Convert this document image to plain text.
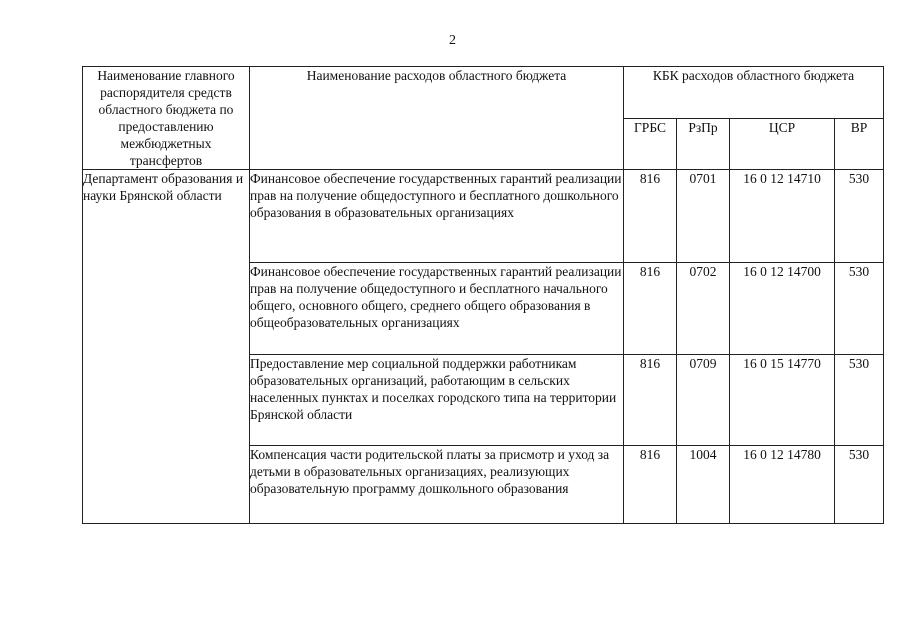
2
Наименование главного распорядителя средств областного бюджета по предоставлению межбюджетных трансфертов	Наименование расходов областного бюджета	КБК расходов областного бюджета			
		ГРБС	РзПр	ЦСР	ВР
Департамент образования и науки Брянской области	Финансовое обеспечение государственных гарантий реализации прав на получение общедоступного и бесплатного дошкольного образования в образовательных организациях	816	0701	16 0 12 14710	530
	Финансовое обеспечение государственных гарантий реализации прав на получение общедоступного и бесплатного начального общего, основного общего, среднего общего образования в общеобразовательных организациях	816	0702	16 0 12 14700	530
	Предоставление мер социальной поддержки работникам образовательных организаций, работающим в сельских населенных пунктах и поселках городского типа на территории Брянской области	816	0709	16 0 15 14770	530
	Компенсация части родительской платы за присмотр и уход за детьми в образовательных организациях, реализующих образовательную программу дошкольного образования	816	1004	16 0 12 14780	530
